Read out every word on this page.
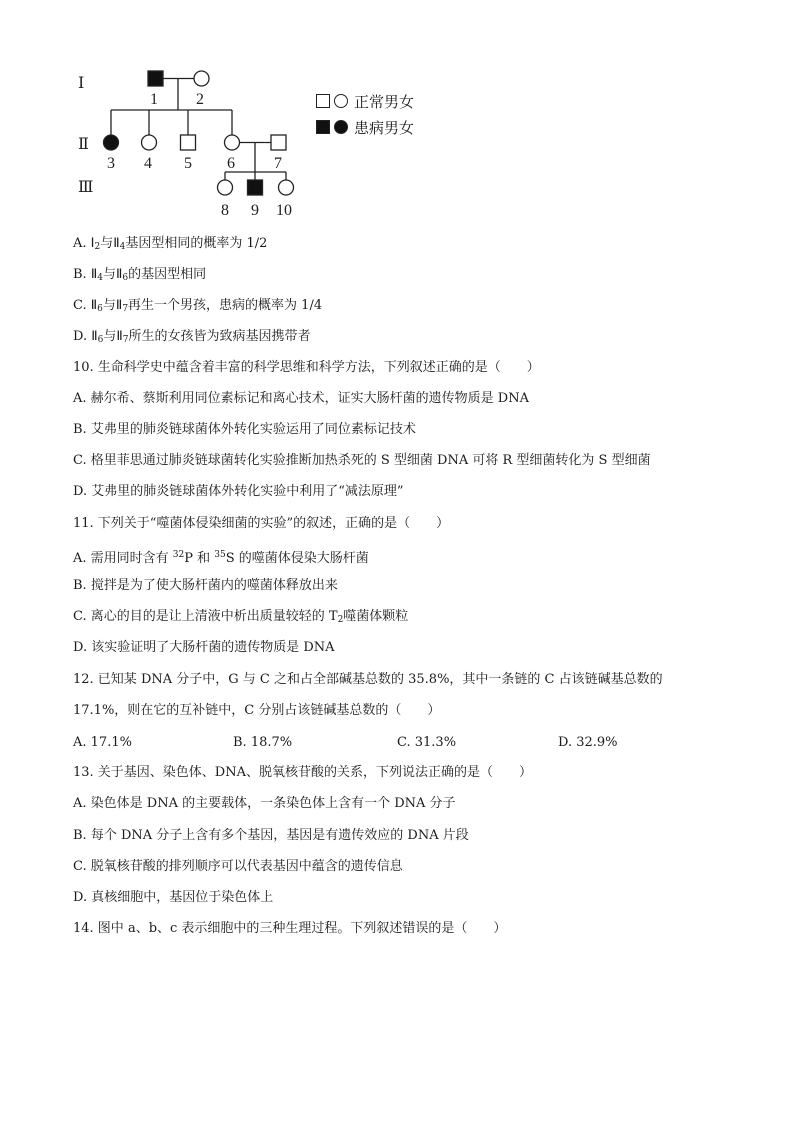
Ⅰ
Ⅱ
Ⅲ
1 2
3 4 5 6 7
8 9 10
正常男女
患病男女
A. $Ⅰ_2$与$Ⅱ_4$基因型相同的概率为 1/2
B. $Ⅱ_4$与$Ⅱ_6$的基因型相同
C. $Ⅱ_6$与$Ⅱ_7$再生一个男孩，患病的概率为 1/4
D. $Ⅱ_6$与$Ⅱ_7$所生的女孩皆为致病基因携带者
10. 生命科学史中蕴含着丰富的科学思维和科学方法，下列叙述正确的是（　　）
A. 赫尔希、蔡斯利用同位素标记和离心技术，证实大肠杆菌的遗传物质是 DNA
B. 艾弗里的肺炎链球菌体外转化实验运用了同位素标记技术
C. 格里菲思通过肺炎链球菌转化实验推断加热杀死的 S 型细菌 DNA 可将 R 型细菌转化为 S 型细菌
D. 艾弗里的肺炎链球菌体外转化实验中利用了“减法原理”
11. 下列关于“噬菌体侵染细菌的实验”的叙述，正确的是（　　）
A. 需用同时含有 $^{32}$P 和 $^{35}$S 的噬菌体侵染大肠杆菌
B. 搅拌是为了使大肠杆菌内的噬菌体释放出来
C. 离心的目的是让上清液中析出质量较轻的 $T_2$噬菌体颗粒
D. 该实验证明了大肠杆菌的遗传物质是 DNA
12. 已知某 DNA 分子中，G 与 C 之和占全部碱基总数的 35.8%，其中一条链的 C 占该链碱基总数的
17.1%，则在它的互补链中，C 分别占该链碱基总数的（　　）
A. 17.1%	B. 18.7%	C. 31.3%	D. 32.9%
13. 关于基因、染色体、DNA、脱氧核苷酸的关系，下列说法正确的是（　　）
A. 染色体是 DNA 的主要载体，一条染色体上含有一个 DNA 分子
B. 每个 DNA 分子上含有多个基因，基因是有遗传效应的 DNA 片段
C. 脱氧核苷酸的排列顺序可以代表基因中蕴含的遗传信息
D. 真核细胞中，基因位于染色体上
14. 图中 a、b、c 表示细胞中的三种生理过程。下列叙述错误的是（　　）
